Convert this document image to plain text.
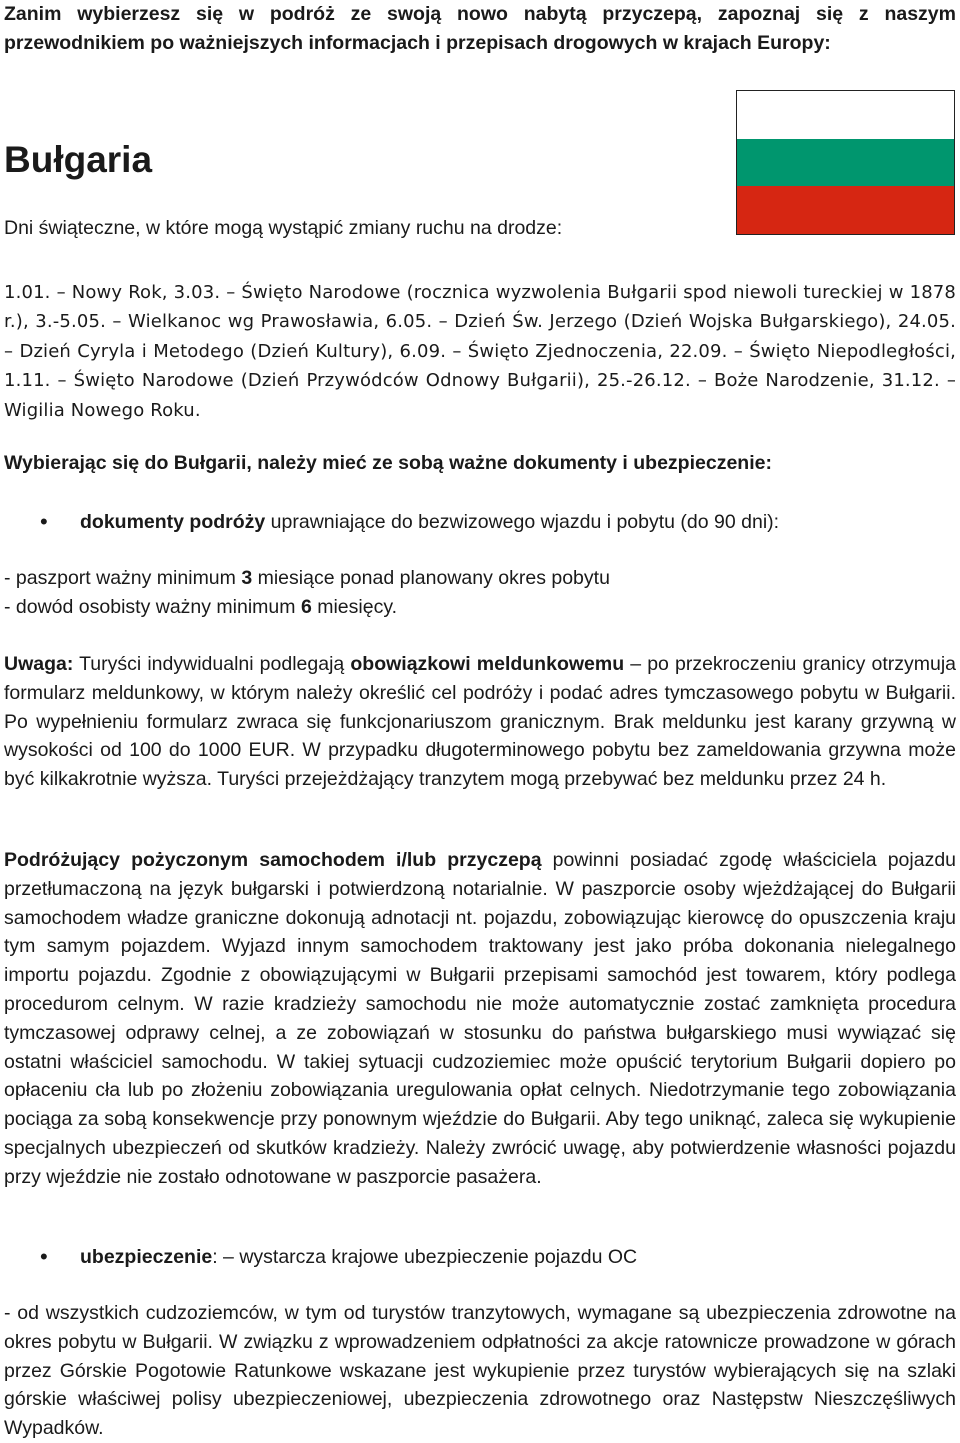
Zanim wybierzesz się w podróż ze swoją nowo nabytą przyczepą, zapoznaj się z naszym przewodnikiem po ważniejszych informacjach i przepisach drogowych w krajach Europy:

Bułgaria

Dni świąteczne, w które mogą wystąpić zmiany ruchu na drodze:

1.01. – Nowy Rok, 3.03. – Święto Narodowe (rocznica wyzwolenia Bułgarii spod niewoli tureckiej w 1878 r.), 3.-5.05. – Wielkanoc wg Prawosławia, 6.05. – Dzień Św. Jerzego (Dzień Wojska Bułgarskiego), 24.05. – Dzień Cyryla i Metodego (Dzień Kultury), 6.09. – Święto Zjednoczenia, 22.09. – Święto Niepodległości, 1.11. – Święto Narodowe (Dzień Przywódców Odnowy Bułgarii), 25.-26.12. – Boże Narodzenie, 31.12. – Wigilia Nowego Roku.

Wybierając się do Bułgarii, należy mieć ze sobą ważne dokumenty i ubezpieczenie:

• dokumenty podróży uprawniające do bezwizowego wjazdu i pobytu (do 90 dni):

- paszport ważny minimum 3 miesiące ponad planowany okres pobytu

- dowód osobisty ważny minimum 6 miesięcy.

Uwaga: Turyści indywidualni podlegają obowiązkowi meldunkowemu – po przekroczeniu granicy otrzymuja formularz meldunkowy, w którym należy określić cel podróży i podać adres tymczasowego pobytu w Bułgarii. Po wypełnieniu formularz zwraca się funkcjonariuszom granicznym. Brak meldunku jest karany grzywną w wysokości od 100 do 1000 EUR. W przypadku długoterminowego pobytu bez zameldowania grzywna może być kilkakrotnie wyższa. Turyści przejeżdżający tranzytem mogą przebywać bez meldunku przez 24 h.

Podróżujący pożyczonym samochodem i/lub przyczepą powinni posiadać zgodę właściciela pojazdu przetłumaczoną na język bułgarski i potwierdzoną notarialnie. W paszporcie osoby wjeżdżającej do Bułgarii samochodem władze graniczne dokonują adnotacji nt. pojazdu, zobowiązując kierowcę do opuszczenia kraju tym samym pojazdem. Wyjazd innym samochodem traktowany jest jako próba dokonania nielegalnego importu pojazdu. Zgodnie z obowiązującymi w Bułgarii przepisami samochód jest towarem, który podlega procedurom celnym. W razie kradzieży samochodu nie może automatycznie zostać zamknięta procedura tymczasowej odprawy celnej, a ze zobowiązań w stosunku do państwa bułgarskiego musi wywiązać się ostatni właściciel samochodu. W takiej sytuacji cudzoziemiec może opuścić terytorium Bułgarii dopiero po opłaceniu cła lub po złożeniu zobowiązania uregulowania opłat celnych. Niedotrzymanie tego zobowiązania pociąga za sobą konsekwencje przy ponownym wjeździe do Bułgarii. Aby tego uniknąć, zaleca się wykupienie specjalnych ubezpieczeń od skutków kradzieży. Należy zwrócić uwagę, aby potwierdzenie własności pojazdu przy wjeździe nie zostało odnotowane w paszporcie pasażera.

• ubezpieczenie: – wystarcza krajowe ubezpieczenie pojazdu OC

- od wszystkich cudzoziemców, w tym od turystów tranzytowych, wymagane są ubezpieczenia zdrowotne na okres pobytu w Bułgarii. W związku z wprowadzeniem odpłatności za akcje ratownicze prowadzone w górach przez Górskie Pogotowie Ratunkowe wskazane jest wykupienie przez turystów wybierających się na szlaki górskie właściwej polisy ubezpieczeniowej, ubezpieczenia zdrowotnego oraz Następstw Nieszczęśliwych Wypadków.
